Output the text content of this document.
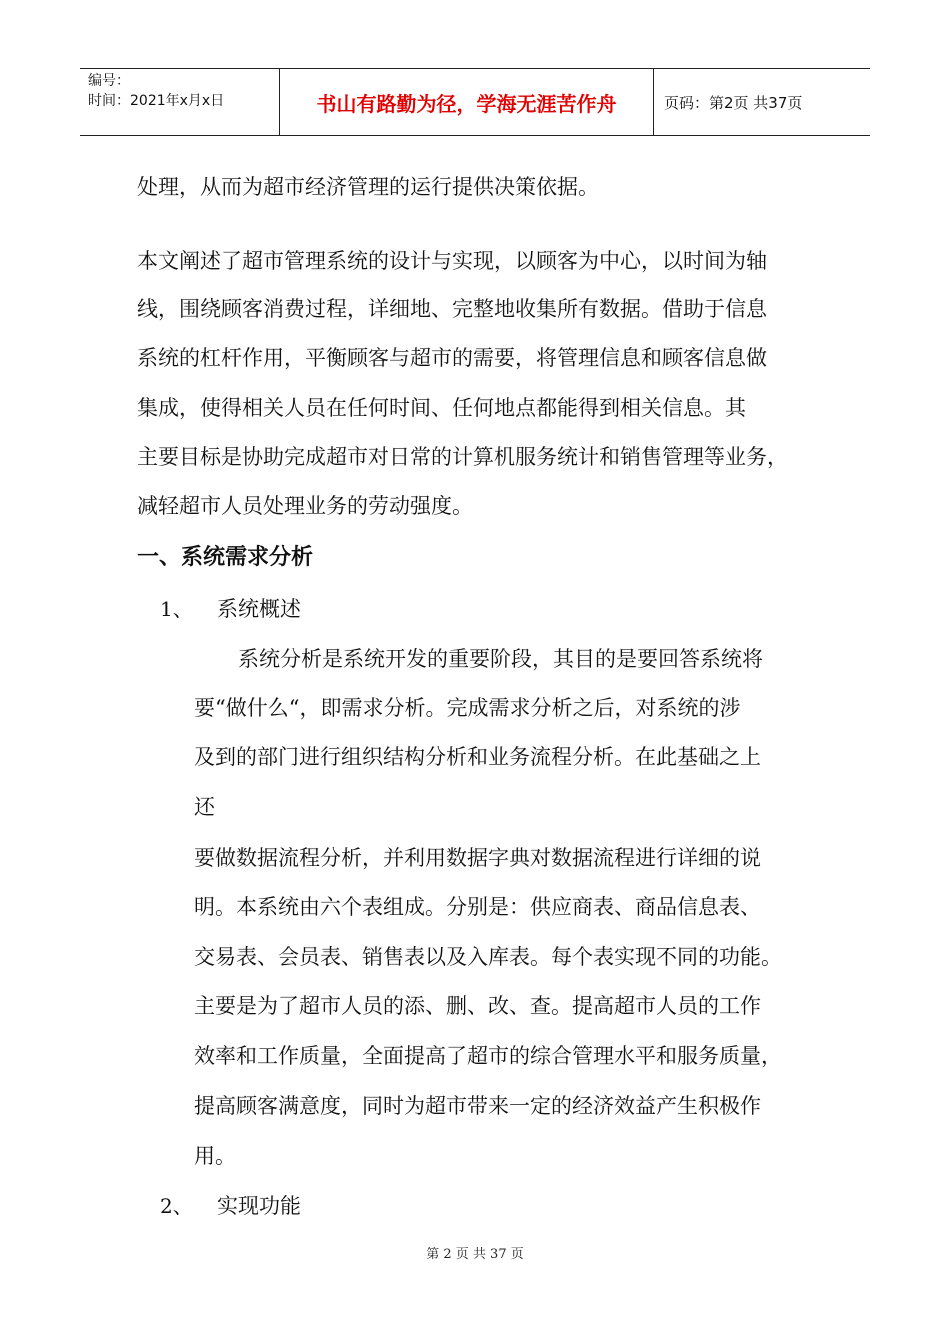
编号：
时间：2021年x月x日	书山有路勤为径，学海无涯苦作舟	页码：第2页 共37页
处理，从而为超市经济管理的运行提供决策依据。
本文阐述了超市管理系统的设计与实现，以顾客为中心，以时间为轴
线，围绕顾客消费过程，详细地、完整地收集所有数据。借助于信息
系统的杠杆作用，平衡顾客与超市的需要，将管理信息和顾客信息做
集成，使得相关人员在任何时间、任何地点都能得到相关信息。其
主要目标是协助完成超市对日常的计算机服务统计和销售管理等业务，
减轻超市人员处理业务的劳动强度。
一、系统需求分析
1、 系统概述
系统分析是系统开发的重要阶段，其目的是要回答系统将
要“做什么“，即需求分析。完成需求分析之后，对系统的涉
及到的部门进行组织结构分析和业务流程分析。在此基础之上
还
要做数据流程分析，并利用数据字典对数据流程进行详细的说
明。本系统由六个表组成。分别是：供应商表、商品信息表、
交易表、会员表、销售表以及入库表。每个表实现不同的功能。
主要是为了超市人员的添、删、改、查。提高超市人员的工作
效率和工作质量，全面提高了超市的综合管理水平和服务质量，
提高顾客满意度，同时为超市带来一定的经济效益产生积极作
用。
2、 实现功能
第 2 页 共 37 页
